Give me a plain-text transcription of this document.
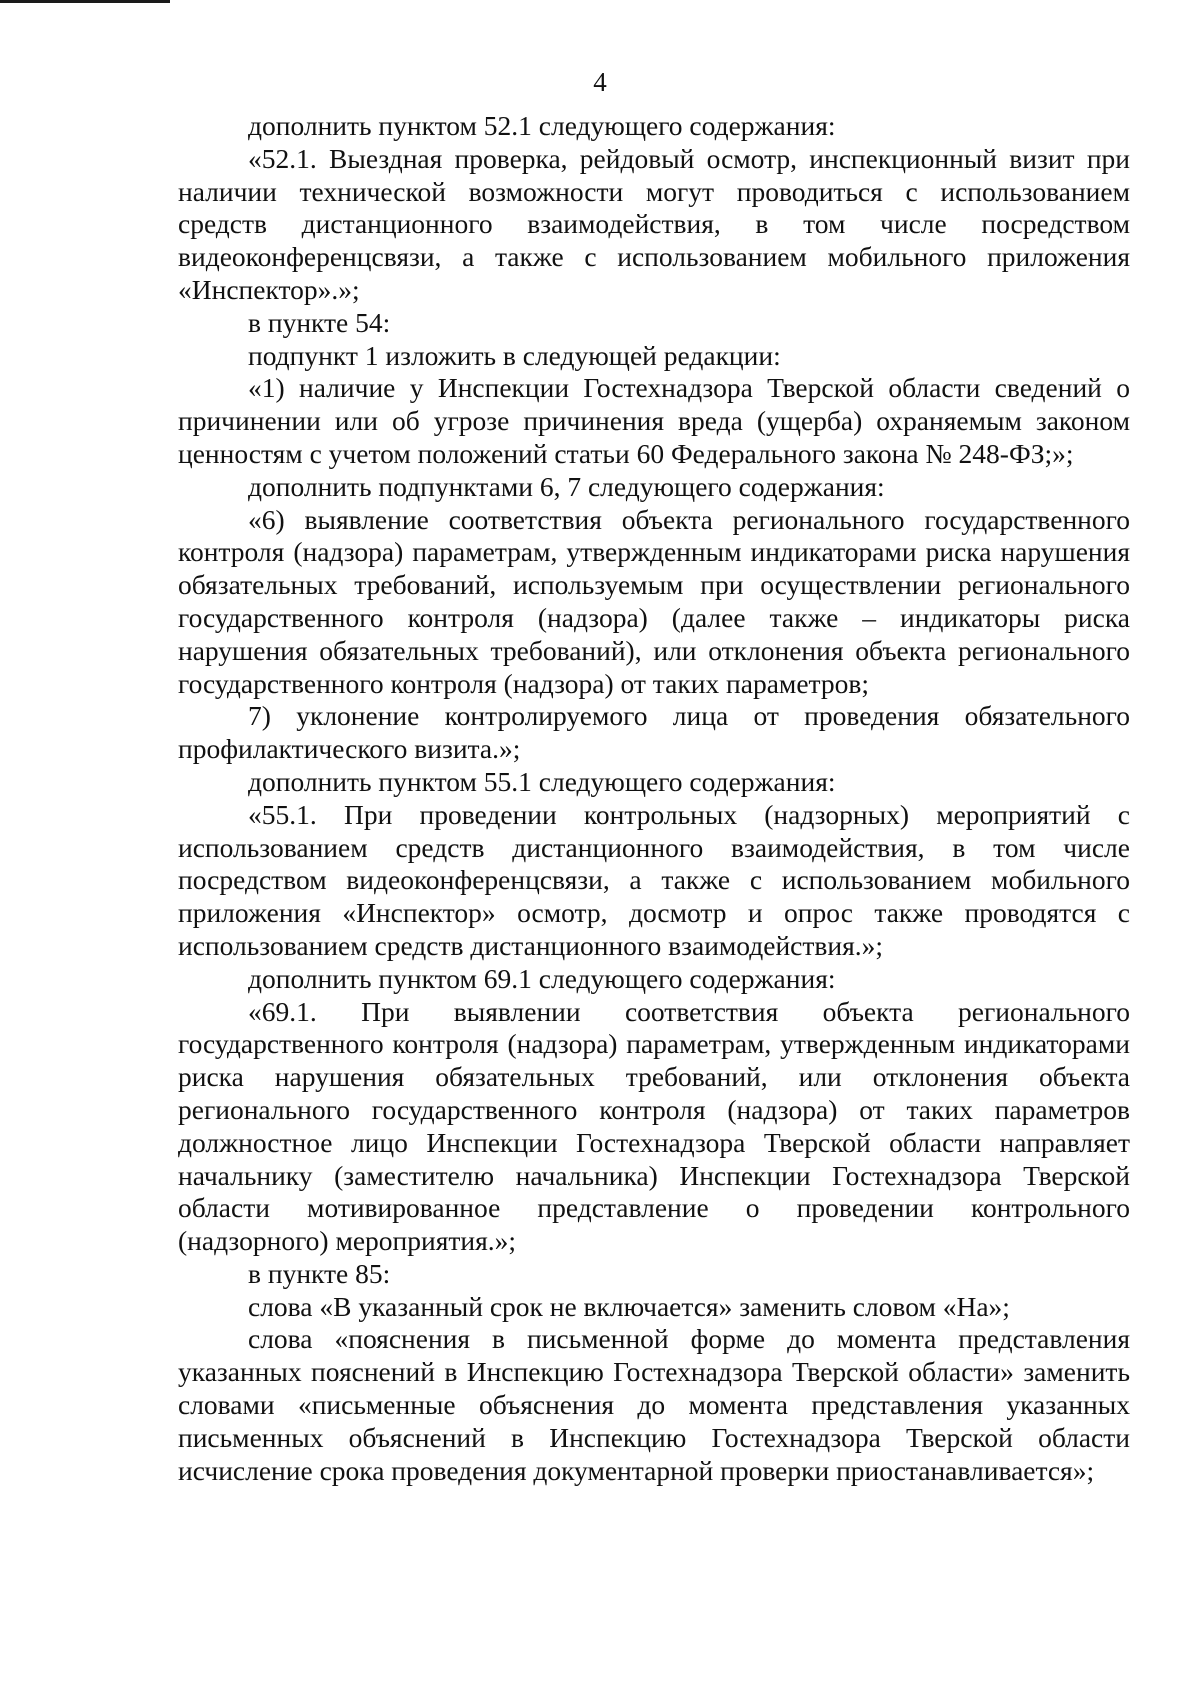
4

дополнить пунктом 52.1 следующего содержания:

«52.1. Выездная проверка, рейдовый осмотр, инспекционный визит при наличии технической возможности могут проводиться с использованием средств дистанционного взаимодействия, в том числе посредством видеоконференцсвязи, а также с использованием мобильного приложения «Инспектор».»;

в пункте 54:

подпункт 1 изложить в следующей редакции:

«1) наличие у Инспекции Гостехнадзора Тверской области сведений о причинении или об угрозе причинения вреда (ущерба) охраняемым законом ценностям с учетом положений статьи 60 Федерального закона № 248-ФЗ;»;

дополнить подпунктами 6, 7 следующего содержания:

«6) выявление соответствия объекта регионального государственного контроля (надзора) параметрам, утвержденным индикаторами риска нарушения обязательных требований, используемым при осуществлении регионального государственного контроля (надзора) (далее также – индикаторы риска нарушения обязательных требований), или отклонения объекта регионального государственного контроля (надзора) от таких параметров;

7) уклонение контролируемого лица от проведения обязательного профилактического визита.»;

дополнить пунктом 55.1 следующего содержания:

«55.1. При проведении контрольных (надзорных) мероприятий с использованием средств дистанционного взаимодействия, в том числе посредством видеоконференцсвязи, а также с использованием мобильного приложения «Инспектор» осмотр, досмотр и опрос также проводятся с использованием средств дистанционного взаимодействия.»;

дополнить пунктом 69.1 следующего содержания:

«69.1. При выявлении соответствия объекта регионального государственного контроля (надзора) параметрам, утвержденным индикаторами риска нарушения обязательных требований, или отклонения объекта регионального государственного контроля (надзора) от таких параметров должностное лицо Инспекции Гостехнадзора Тверской области направляет начальнику (заместителю начальника) Инспекции Гостехнадзора Тверской области мотивированное представление о проведении контрольного (надзорного) мероприятия.»;

в пункте 85:

слова «В указанный срок не включается» заменить словом «На»;

слова «пояснения в письменной форме до момента представления указанных пояснений в Инспекцию Гостехнадзора Тверской области» заменить словами «письменные объяснения до момента представления указанных письменных объяснений в Инспекцию Гостехнадзора Тверской области исчисление срока проведения документарной проверки приостанавливается»;
